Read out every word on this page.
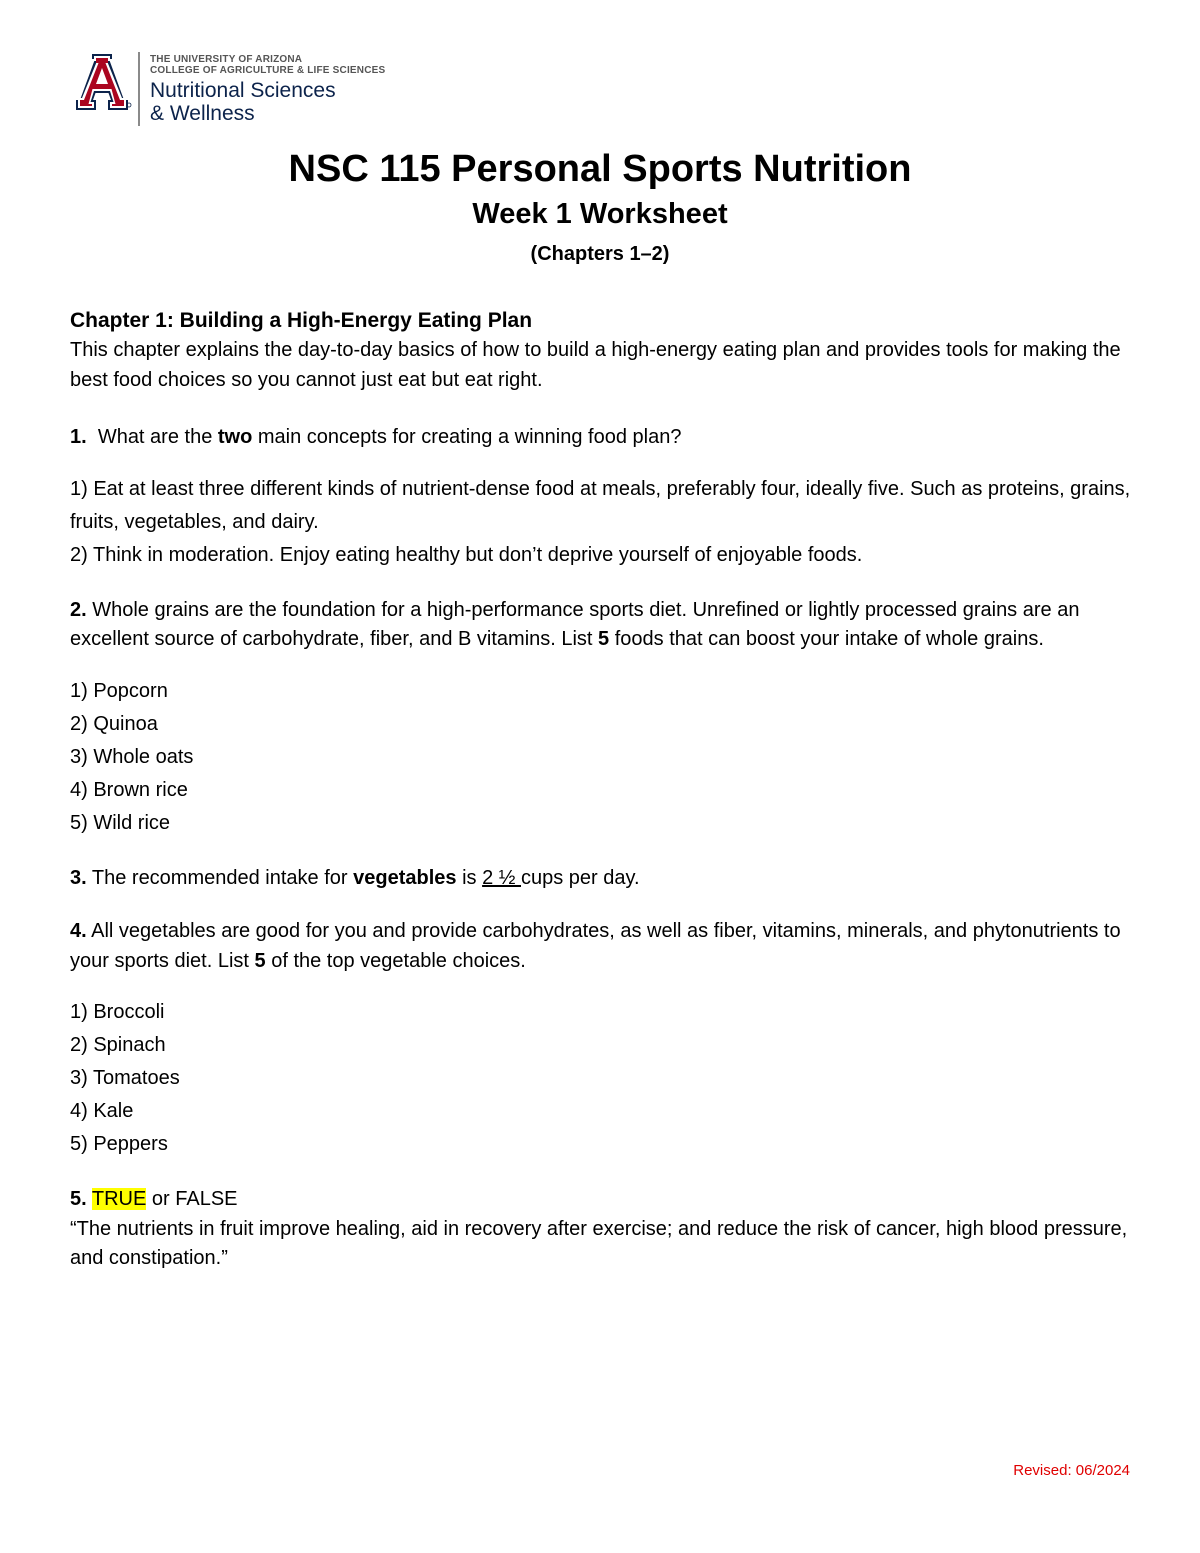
THE UNIVERSITY OF ARIZONA
COLLEGE OF AGRICULTURE & LIFE SCIENCES
Nutritional Sciences
& Wellness
NSC 115 Personal Sports Nutrition
Week 1 Worksheet
(Chapters 1–2)
Chapter 1: Building a High-Energy Eating Plan

This chapter explains the day-to-day basics of how to build a high-energy eating plan and provides tools for making the best food choices so you cannot just eat but eat right.

1. What are the two main concepts for creating a winning food plan?

1) Eat at least three different kinds of nutrient-dense food at meals, preferably four, ideally five. Such as proteins, grains, fruits, vegetables, and dairy.

2) Think in moderation. Enjoy eating healthy but don’t deprive yourself of enjoyable foods.

2. Whole grains are the foundation for a high-performance sports diet. Unrefined or lightly processed grains are an excellent source of carbohydrate, fiber, and B vitamins. List 5 foods that can boost your intake of whole grains.

1) Popcorn

2) Quinoa

3) Whole oats

4) Brown rice

5) Wild rice

3. The recommended intake for vegetables is 2 ½ cups per day.

4. All vegetables are good for you and provide carbohydrates, as well as fiber, vitamins, minerals, and phytonutrients to your sports diet. List 5 of the top vegetable choices.

1) Broccoli

2) Spinach

3) Tomatoes

4) Kale

5) Peppers

5. TRUE or FALSE

“The nutrients in fruit improve healing, aid in recovery after exercise; and reduce the risk of cancer, high blood pressure, and constipation.”

Revised: 06/2024
